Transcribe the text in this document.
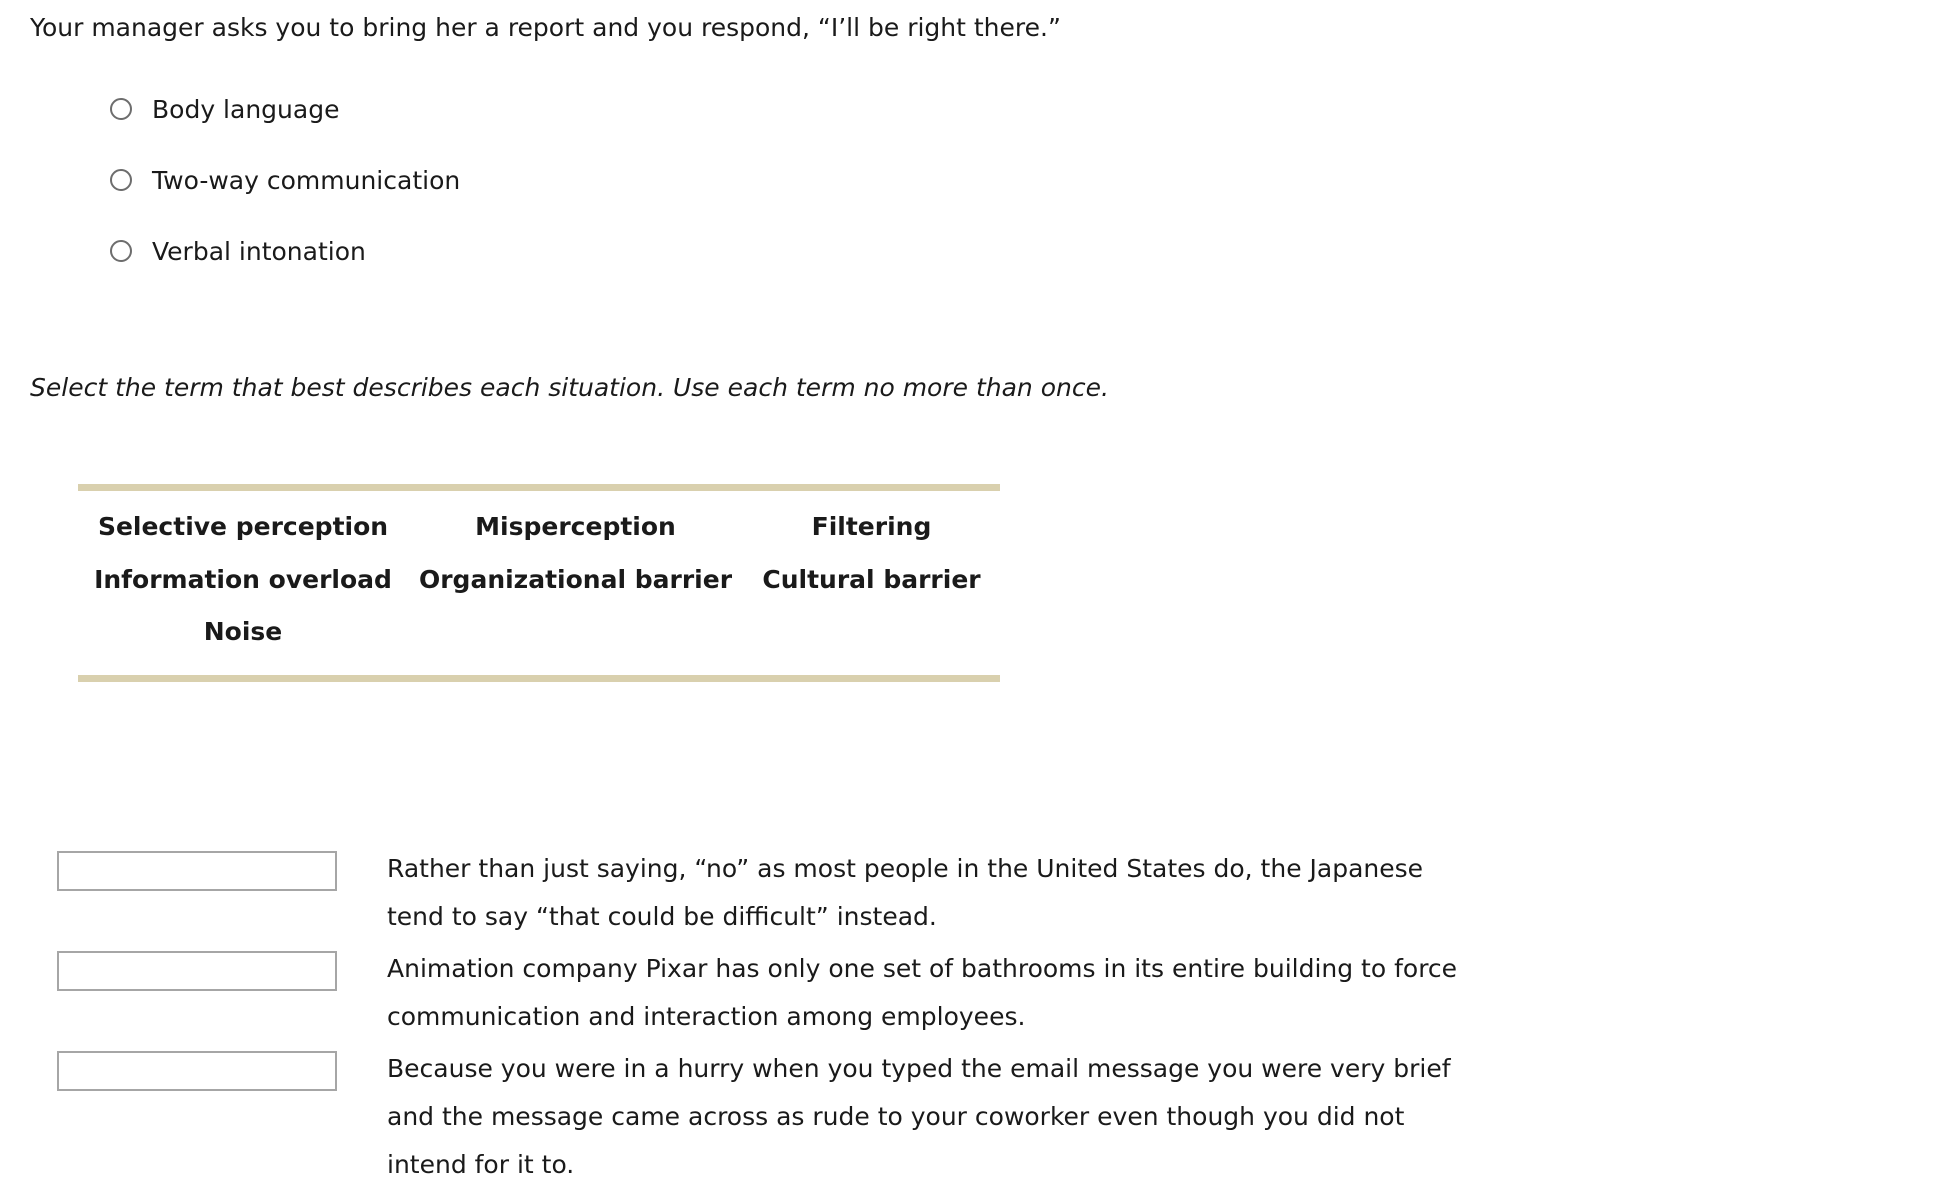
Your manager asks you to bring her a report and you respond, “I’ll be right there.”

Body language
Two-way communication
Verbal intonation

Select the term that best describes each situation. Use each term no more than once.

Selective perception	Misperception	Filtering
Information overload	Organizational barrier	Cultural barrier
Noise
Rather than just saying, “no” as most people in the United States do, the Japanese tend to say “that could be difficult” instead.
Animation company Pixar has only one set of bathrooms in its entire building to force communication and interaction among employees.
Because you were in a hurry when you typed the email message you were very brief and the message came across as rude to your coworker even though you did not intend for it to.
